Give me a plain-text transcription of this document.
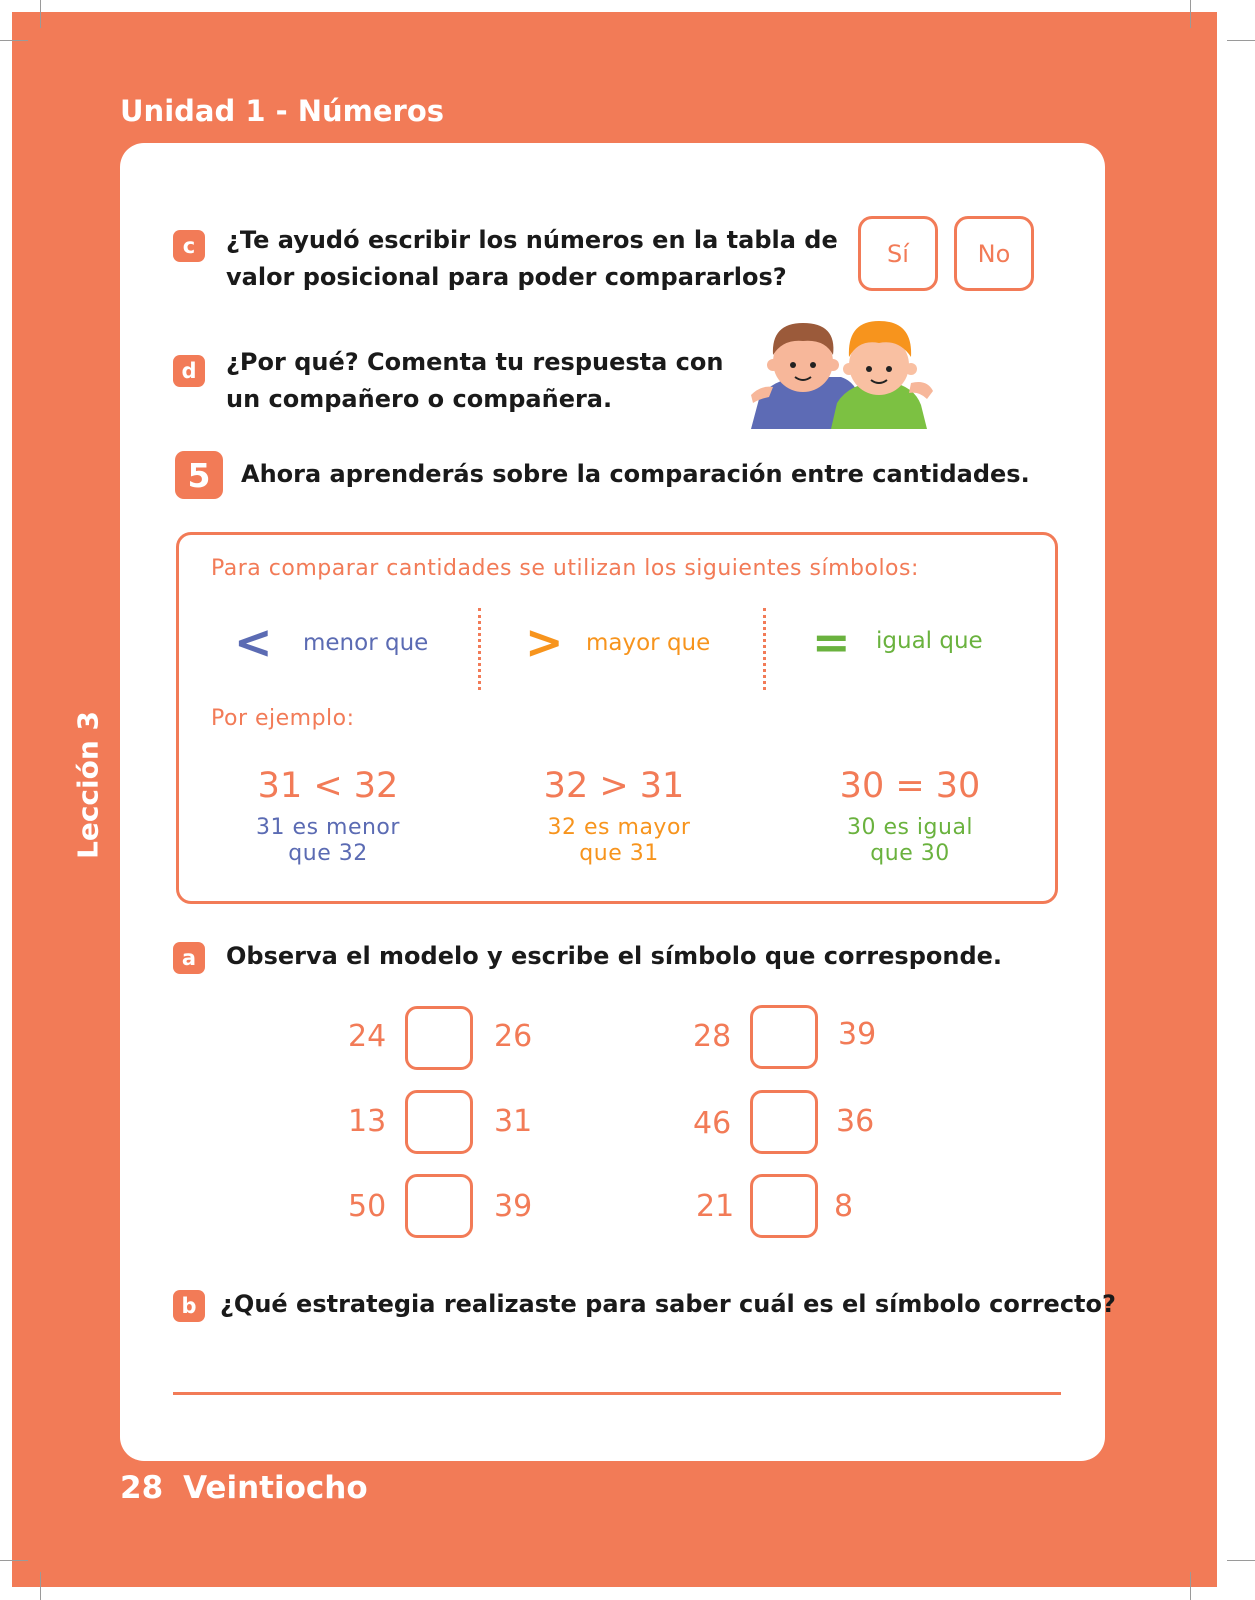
Unidad 1 - Números
Lección 3
c	¿Te ayudó escribir los números en la tabla de
valor posicional para poder compararlos?
Sí	No
d	¿Por qué? Comenta tu respuesta con
un compañero o compañera.
5	Ahora aprenderás sobre la comparación entre cantidades.
Para comparar cantidades se utilizan los siguientes símbolos:
< menor que > mayor que = igual que
Por ejemplo:
31 < 32
31 es menor
que 32
32 > 31
32 es mayor
que 31
30 = 30
30 es igual
que 30
a	Observa el modelo y escribe el símbolo que corresponde.
24	26	28	39
13	31	46	36
50	39	21	8
b ¿Qué estrategia realizaste para saber cuál es el símbolo correcto?
28 Veintiocho
